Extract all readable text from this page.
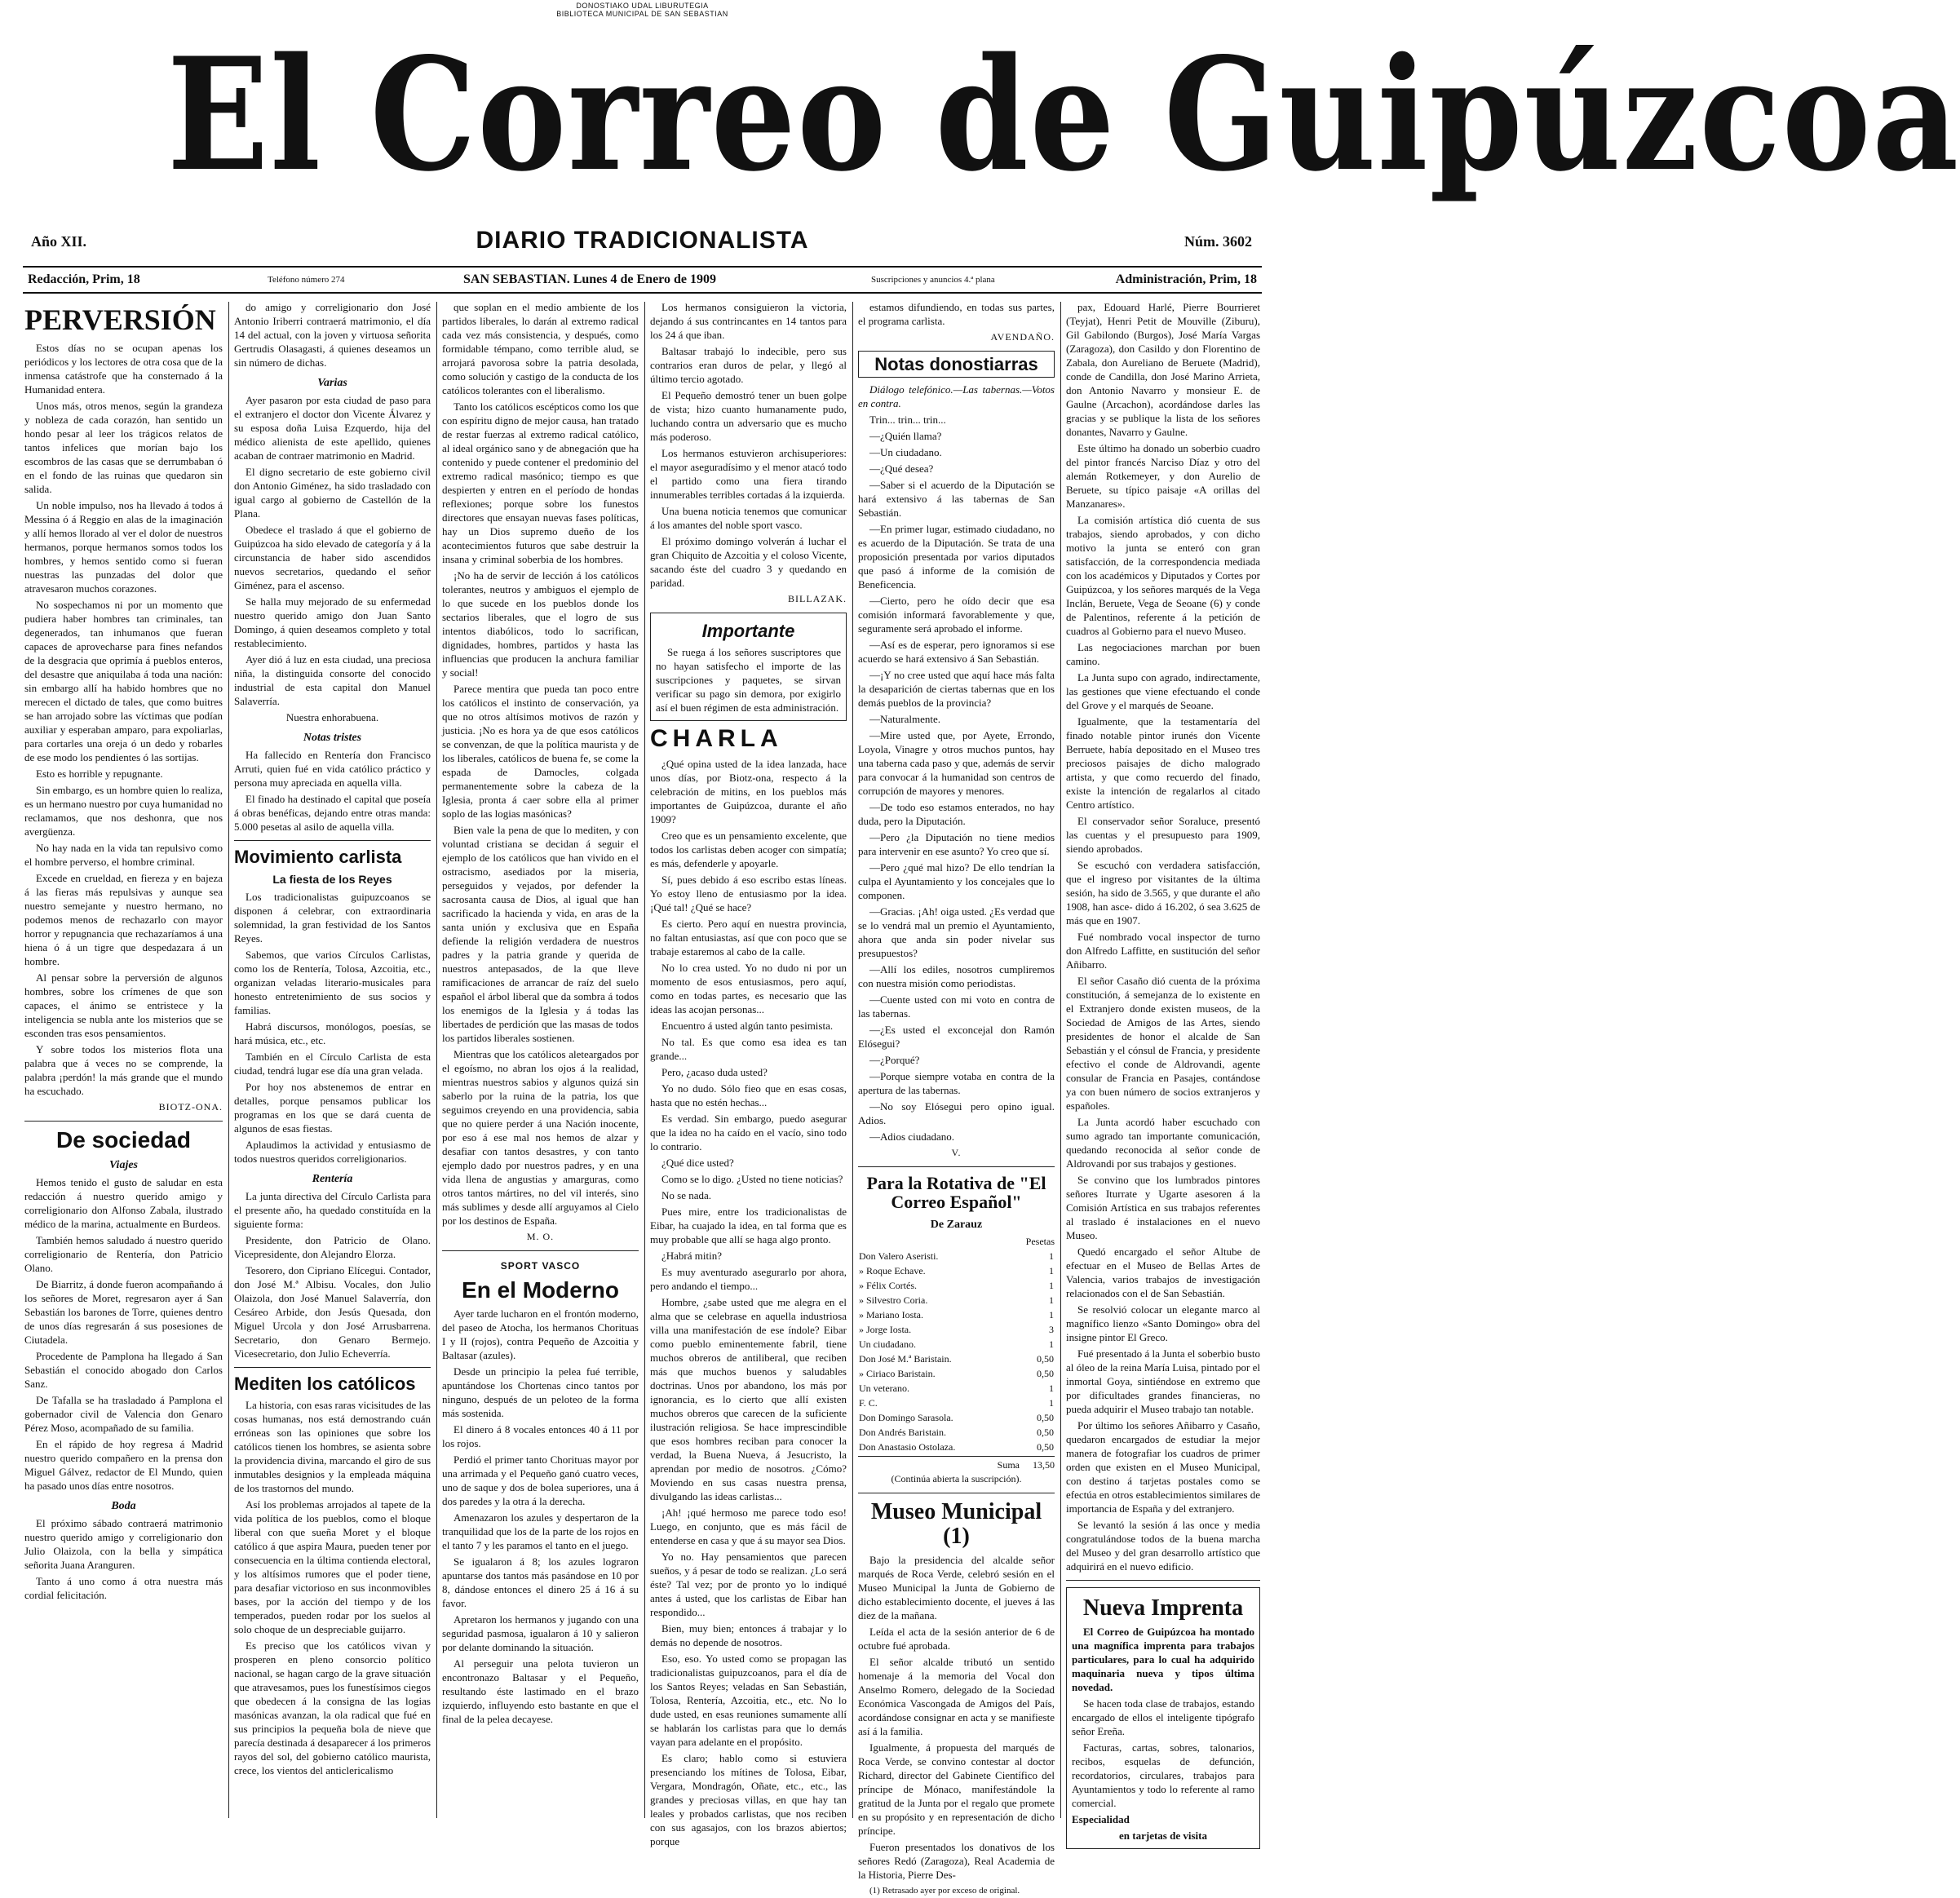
DONOSTIAKO UDAL LIBURUTEGIA
BIBLIOTECA MUNICIPAL DE SAN SEBASTIAN
El Correo de Guipúzcoa
Año XII.	DIARIO TRADICIONALISTA	Núm. 3602
Redacción, Prim, 18	Teléfono número 274	SAN SEBASTIAN. Lunes 4 de Enero de 1909	Suscripciones y anuncios 4.ª plana	Administración, Prim, 18
PERVERSIÓN

Estos días no se ocupan apenas los periódicos y los lectores de otra cosa que de la inmensa catástrofe que ha consternado á la Humanidad entera.

Unos más, otros menos, según la grandeza y nobleza de cada corazón, han sentido un hondo pesar al leer los trágicos relatos de tantos infelices que morían bajo los escombros de las casas que se derrumbaban ó en el fondo de las ruinas que quedaron sin salida.

Un noble impulso, nos ha llevado á todos á Messina ó á Reggio en alas de la imaginación y allí hemos llorado al ver el dolor de nuestros hermanos, porque hermanos somos todos los hombres, y hemos sentido como si fueran nuestras las punzadas del dolor que atravesaron muchos corazones.

No sospechamos ni por un momento que pudiera haber hombres tan criminales, tan degenerados, tan inhumanos que fueran capaces de aprovecharse para fines nefandos de la desgracia que oprimía á pueblos enteros, del desastre que aniquilaba á toda una nación: sin embargo allí ha habido hombres que no merecen el dictado de tales, que como buitres se han arrojado sobre las víctimas que podían auxiliar y esperaban amparo, para expoliarlas, para cortarles una oreja ó un dedo y robarles de ese modo los pendientes ó las sortijas.

Esto es horrible y repugnante.

Sin embargo, es un hombre quien lo realiza, es un hermano nuestro por cuya humanidad no reclamamos, que nos deshonra, que nos avergüenza.

No hay nada en la vida tan repulsivo como el hombre perverso, el hombre criminal.

Excede en crueldad, en fiereza y en bajeza á las fieras más repulsivas y aunque sea nuestro semejante y nuestro hermano, no podemos menos de rechazarlo con mayor horror y repugnancia que rechazaríamos á una hiena ó á un tigre que despedazara á un hombre.

Al pensar sobre la perversión de algunos hombres, sobre los crímenes de que son capaces, el ánimo se entristece y la inteligencia se nubla ante los misterios que se esconden tras esos pensamientos.

Y sobre todos los misterios flota una palabra que á veces no se comprende, la palabra ¡perdón! la más grande que el mundo ha escuchado.

BIOTZ-ONA.
De sociedad
Viajes

Hemos tenido el gusto de saludar en esta redacción á nuestro querido amigo y correligionario don Alfonso Zabala, ilustrado médico de la marina, actualmente en Burdeos.

También hemos saludado á nuestro querido correligionario de Rentería, don Patricio Olano.

De Biarritz, á donde fueron acompañando á los señores de Moret, regresaron ayer á San Sebastián los barones de Torre, quienes dentro de unos días regresarán á sus posesiones de Ciutadela.

Procedente de Pamplona ha llegado á San Sebastián el conocido abogado don Carlos Sanz.

De Tafalla se ha trasladado á Pamplona el gobernador civil de Valencia don Genaro Pérez Moso, acompañado de su familia.

En el rápido de hoy regresa á Madrid nuestro querido compañero en la prensa don Miguel Gálvez, redactor de El Mundo, quien ha pasado unos días entre nosotros.

Boda

El próximo sábado contraerá matrimonio nuestro querido amigo y correligionario don Julio Olaizola, con la bella y simpática señorita Juana Aranguren.

Tanto á uno como á otra nuestra más cordial felicitación.

do amigo y correligionario don José Antonio Iriberri contraerá matrimonio, el día 14 del actual, con la joven y virtuosa señorita Gertrudis Olasagasti, á quienes deseamos un sin número de dichas.

Varias

Ayer pasaron por esta ciudad de paso para el extranjero el doctor don Vicente Álvarez y su esposa doña Luisa Ezquerdo, hija del médico alienista de este apellido, quienes acaban de contraer matrimonio en Madrid.

El digno secretario de este gobierno civil don Antonio Giménez, ha sido trasladado con igual cargo al gobierno de Castellón de la Plana.

Obedece el traslado á que el gobierno de Guipúzcoa ha sido elevado de categoría y á la circunstancia de haber sido ascendidos nuevos secretarios, quedando el señor Giménez, para el ascenso.

Se halla muy mejorado de su enfermedad nuestro querido amigo don Juan Santo Domingo, á quien deseamos completo y total restablecimiento.

Ayer dió á luz en esta ciudad, una preciosa niña, la distinguida consorte del conocido industrial de esta capital don Manuel Salaverría.

Nuestra enhorabuena.

Notas tristes

Ha fallecido en Rentería don Francisco Arruti, quien fué en vida católico práctico y persona muy apreciada en aquella villa.

El finado ha destinado el capital que poseía á obras benéficas, dejando entre otras manda: 5.000 pesetas al asilo de aquella villa.

Movimiento carlista
La fiesta de los Reyes

Los tradicionalistas guipuzcoanos se disponen á celebrar, con extraordinaria solemnidad, la gran festividad de los Santos Reyes.

Sabemos, que varios Círculos Carlistas, como los de Rentería, Tolosa, Azcoitia, etc., organizan veladas literario-musicales para honesto entretenimiento de sus socios y familias.

Habrá discursos, monólogos, poesías, se hará música, etc., etc.

También en el Círculo Carlista de esta ciudad, tendrá lugar ese día una gran velada.

Por hoy nos abstenemos de entrar en detalles, porque pensamos publicar los programas en los que se dará cuenta de algunos de esas fiestas.

Aplaudimos la actividad y entusiasmo de todos nuestros queridos correligionarios.

Rentería

La junta directiva del Círculo Carlista para el presente año, ha quedado constituída en la siguiente forma:

Presidente, don Patricio de Olano. Vicepresidente, don Alejandro Elorza.

Tesorero, don Cipriano Elícegui. Contador, don José M.ª Albisu. Vocales, don Julio Olaizola, don José Manuel Salaverría, don Cesáreo Arbide, don Jesús Quesada, don Miguel Urcola y don José Arrusbarrena. Secretario, don Genaro Bermejo. Vicesecretario, don Julio Echeverría.

Mediten los católicos

La historia, con esas raras vicisitudes de las cosas humanas, nos está demostrando cuán erróneas son las opiniones que sobre los católicos tienen los hombres, se asienta sobre la providencia divina, marcando el giro de sus inmutables designios y la empleada máquina de los trastornos del mundo.

Así los problemas arrojados al tapete de la vida política de los pueblos, como el bloque liberal con que sueña Moret y el bloque católico á que aspira Maura, pueden tener por consecuencia en la última contienda electoral, y los altísimos rumores que el poder tiene, para desafiar victorioso en sus inconmovibles bases, por la acción del tiempo y de los temperados, pueden rodar por los suelos al solo choque de un despreciable guijarro.

Es preciso que los católicos vivan y prosperen en pleno consorcio político nacional, se hagan cargo de la grave situación que atravesamos, pues los funestísimos ciegos que obedecen á la consigna de las logias masónicas avanzan, la ola radical que fué en sus principios la pequeña bola de nieve que parecía destinada á desaparecer á los primeros rayos del sol, del gobierno católico maurista, crece, los vientos del anticlericalismo

que soplan en el medio ambiente de los partidos liberales, lo darán al extremo radical cada vez más consistencia, y después, como formidable témpano, como terrible alud, se arrojará pavorosa sobre la patria desolada, como solución y castigo de la conducta de los católicos tolerantes con el liberalismo.

Tanto los católicos escépticos como los que con espíritu digno de mejor causa, han tratado de restar fuerzas al extremo radical católico, al ideal orgánico sano y de abnegación que ha contenido y puede contener el predominio del extremo radical masónico; tiempo es que despierten y entren en el período de hondas reflexiones; porque sobre los funestos directores que ensayan nuevas fases políticas, hay un Dios supremo dueño de los acontecimientos futuros que sabe destruir la insana y criminal soberbia de los hombres.

¡No ha de servir de lección á los católicos tolerantes, neutros y ambiguos el ejemplo de lo que sucede en los pueblos donde los sectarios liberales, que el logro de sus intentos diabólicos, todo lo sacrifican, dignidades, hombres, partidos y hasta las influencias que producen la anchura familiar y social!

Parece mentira que pueda tan poco entre los católicos el instinto de conservación, ya que no otros altísimos motivos de razón y justicia. ¡No es hora ya de que esos católicos se convenzan, de que la política maurista y de los liberales, católicos de buena fe, se come la espada de Damocles, colgada permanentemente sobre la cabeza de la Iglesia, pronta á caer sobre ella al primer soplo de las logias masónicas?

Bien vale la pena de que lo mediten, y con voluntad cristiana se decidan á seguir el ejemplo de los católicos que han vivido en el ostracismo, asediados por la miseria, perseguidos y vejados, por defender la sacrosanta causa de Dios, al igual que han sacrificado la hacienda y vida, en aras de la santa unión y exclusiva que en España defiende la religión verdadera de nuestros padres y la patria grande y querida de nuestros antepasados, de la que lleve ramificaciones de arrancar de raíz del suelo español el árbol liberal que da sombra á todos los enemigos de la Iglesia y á todas las libertades de perdición que las masas de todos los partidos liberales sostienen.

Mientras que los católicos aleteargados por el egoísmo, no abran los ojos á la realidad, mientras nuestros sabios y algunos quizá sin saberlo por la ruina de la patria, los que seguimos creyendo en una providencia, sabia que no quiere perder á una Nación inocente, por eso á ese mal nos hemos de alzar y desafiar con tantos desastres, y con tanto ejemplo dado por nuestros padres, y en una vida llena de angustias y amarguras, como otros tantos mártires, no del vil interés, sino más sublimes y desde allí arguyamos al Cielo por los destinos de España.

M. O.
SPORT VASCO
En el Moderno

Ayer tarde lucharon en el frontón moderno, del paseo de Atocha, los hermanos Chorituas I y II (rojos), contra Pequeño de Azcoitia y Baltasar (azules).

Desde un principio la pelea fué terrible, apuntándose los Chortenas cinco tantos por ninguno, después de un peloteo de la forma más sostenida.

El dinero á 8 vocales entonces 40 á 11 por los rojos.

Perdió el primer tanto Chorituas mayor por una arrimada y el Pequeño ganó cuatro veces, uno de saque y dos de bolea superiores, una á dos paredes y la otra á la derecha.

Amenazaron los azules y despertaron de la tranquilidad que los de la parte de los rojos en el tanto 7 y les paramos el tanto en el juego.

Se igualaron á 8; los azules lograron apuntarse dos tantos más pasándose en 10 por 8, dándose entonces el dinero 25 á 16 á su favor.

Apretaron los hermanos y jugando con una seguridad pasmosa, igualaron á 10 y salieron por delante dominando la situación.

Al perseguir una pelota tuvieron un encontronazo Baltasar y el Pequeño, resultando éste lastimado en el brazo izquierdo, influyendo esto bastante en que el final de la pelea decayese.

Los hermanos consiguieron la victoria, dejando á sus contrincantes en 14 tantos para los 24 á que iban.

Baltasar trabajó lo indecible, pero sus contrarios eran duros de pelar, y llegó al último tercio agotado.

El Pequeño demostró tener un buen golpe de vista; hizo cuanto humanamente pudo, luchando contra un adversario que es mucho más poderoso.

Los hermanos estuvieron archisuperiores: el mayor aseguradísimo y el menor atacó todo el partido como una fiera tirando innumerables terribles cortadas á la izquierda.

Una buena noticia tenemos que comunicar á los amantes del noble sport vasco.

El próximo domingo volverán á luchar el gran Chiquito de Azcoitia y el coloso Vicente, sacando éste del cuadro 3 y quedando en paridad.

BILLAZAK.
Importante

Se ruega á los señores suscriptores que no hayan satisfecho el importe de las suscripciones y paquetes, se sirvan verificar su pago sin demora, por exigirlo así el buen régimen de esta administración.

CHARLA

¿Qué opina usted de la idea lanzada, hace unos días, por Biotz-ona, respecto á la celebración de mitins, en los pueblos más importantes de Guipúzcoa, durante el año 1909?

Creo que es un pensamiento excelente, que todos los carlistas deben acoger con simpatía; es más, defenderle y apoyarle.

Sí, pues debido á eso escribo estas líneas. Yo estoy lleno de entusiasmo por la idea. ¡Qué tal! ¿Qué se hace?

Es cierto. Pero aquí en nuestra provincia, no faltan entusiastas, así que con poco que se trabaje estaremos al cabo de la calle.

No lo crea usted. Yo no dudo ni por un momento de esos entusiasmos, pero aquí, como en todas partes, es necesario que las ideas las acojan personas...

Encuentro á usted algún tanto pesimista.

No tal. Es que como esa idea es tan grande...

Pero, ¿acaso duda usted?

Yo no dudo. Sólo fieo que en esas cosas, hasta que no estén hechas...

Es verdad. Sin embargo, puedo asegurar que la idea no ha caído en el vacío, sino todo lo contrario.

¿Qué dice usted?

Como se lo digo. ¿Usted no tiene noticias?

No se nada.

Pues mire, entre los tradicionalistas de Eibar, ha cuajado la idea, en tal forma que es muy probable que allí se haga algo pronto.

¿Habrá mitin?

Es muy aventurado asegurarlo por ahora, pero andando el tiempo...

Hombre, ¿sabe usted que me alegra en el alma que se celebrase en aquella industriosa villa una manifestación de ese índole? Eibar como pueblo eminentemente fabril, tiene muchos obreros de antiliberal, que reciben más que muchos buenos y saludables doctrinas. Unos por abandono, los más por ignorancia, es lo cierto que allí existen muchos obreros que carecen de la suficiente ilustración religiosa. Se hace imprescindible que esos hombres reciban para conocer la verdad, la Buena Nueva, á Jesucristo, la aprendan por medio de nosotros. ¿Cómo? Moviendo en sus casas nuestra prensa, divulgando las ideas carlistas...

¡Ah! ¡qué hermoso me parece todo eso! Luego, en conjunto, que es más fácil de entenderse en casa y que á su mayor sea Dios.

Yo no. Hay pensamientos que parecen sueños, y á pesar de todo se realizan. ¿Lo será éste? Tal vez; por de pronto yo lo indiqué antes á usted, que los carlistas de Eibar han respondido...

Bien, muy bien; entonces á trabajar y lo demás no depende de nosotros.

Eso, eso. Yo usted como se propagan las tradicionalistas guipuzcoanos, para el día de los Santos Reyes; veladas en San Sebastián, Tolosa, Rentería, Azcoitia, etc., etc. No lo dude usted, en esas reuniones sumamente allí se hablarán los carlistas para que lo demás vayan para adelante en el propósito.

Es claro; hablo como si estuviera presenciando los mítines de Tolosa, Eibar, Vergara, Mondragón, Oñate, etc., etc., las grandes y preciosas villas, en que hay tan leales y probados carlistas, que nos reciben con sus agasajos, con los brazos abiertos; porque

estamos difundiendo, en todas sus partes, el programa carlista.

AVENDAÑO.
Notas donostiarras

Diálogo telefónico.—Las tabernas.—Votos en contra.

Trin... trin... trin...

—¿Quién llama?

—Un ciudadano.

—¿Qué desea?

—Saber si el acuerdo de la Diputación se hará extensivo á las tabernas de San Sebastián.

—En primer lugar, estimado ciudadano, no es acuerdo de la Diputación. Se trata de una proposición presentada por varios diputados que pasó á informe de la comisión de Beneficencia.

—Cierto, pero he oído decir que esa comisión informará favorablemente y que, seguramente será aprobado el informe.

—Así es de esperar, pero ignoramos si ese acuerdo se hará extensivo á San Sebastián.

—¡Y no cree usted que aquí hace más falta la desaparición de ciertas tabernas que en los demás pueblos de la provincia?

—Naturalmente.

—Mire usted que, por Ayete, Errondo, Loyola, Vinagre y otros muchos puntos, hay una taberna cada paso y que, además de servir para convocar á la humanidad son centros de corrupción de mayores y menores.

—De todo eso estamos enterados, no hay duda, pero la Diputación.

—Pero ¿la Diputación no tiene medios para intervenir en ese asunto? Yo creo que sí.

—Pero ¿qué mal hizo? De ello tendrían la culpa el Ayuntamiento y los concejales que lo componen.

—Gracias. ¡Ah! oiga usted. ¿Es verdad que se lo vendrá mal un premio el Ayuntamiento, ahora que anda sin poder nivelar sus presupuestos?

—Allí los ediles, nosotros cumpliremos con nuestra misión como periodistas.

—Cuente usted con mi voto en contra de las tabernas.

—¿Es usted el exconcejal don Ramón Elósegui?

—¿Porqué?

—Porque siempre votaba en contra de la apertura de las tabernas.

—No soy Elósegui pero opino igual. Adios.

—Adios ciudadano.

V.
Para la Rotativa de "El Correo Español"
De Zarauz
Pesetas
Don Valero Aseristi.	1
» Roque Echave.	1
» Félix Cortés.	1
» Silvestro Coria.	1
» Mariano Iosta.	1
» Jorge Iosta.	3
Un ciudadano.	1
Don José M.ª Baristain.	0,50
» Ciriaco Baristain.	0,50
Un veterano.	1
F. C.	1
Don Domingo Sarasola.	0,50
Don Andrés Baristain.	0,50
Don Anastasio Ostolaza.	0,50
Suma 13,50

(Continúa abierta la suscripción).

Museo Municipal (1)

Bajo la presidencia del alcalde señor marqués de Roca Verde, celebró sesión en el Museo Municipal la Junta de Gobierno de dicho establecimiento docente, el jueves á las diez de la mañana.

Leída el acta de la sesión anterior de 6 de octubre fué aprobada.

El señor alcalde tributó un sentido homenaje á la memoria del Vocal don Anselmo Romero, delegado de la Sociedad Económica Vascongada de Amigos del País, acordándose consignar en acta y se manifieste así á la familia.

Igualmente, á propuesta del marqués de Roca Verde, se convino contestar al doctor Richard, director del Gabinete Científico del príncipe de Mónaco, manifestándole la gratitud de la Junta por el regalo que promete en su propósito y en representación de dicho príncipe.

Fueron presentados los donativos de los señores Redó (Zaragoza), Real Academia de la Historia, Pierre Des-

(1) Retrasado ayer por exceso de original.

pax, Edouard Harlé, Pierre Bourrieret (Teyjat), Henri Petit de Mouville (Ziburu), Gil Gabilondo (Burgos), José María Vargas (Zaragoza), don Casildo y don Florentino de Zabala, don Aureliano de Beruete (Madrid), conde de Candilla, don José Marino Arrieta, don Antonio Navarro y monsieur E. de Gaulne (Arcachon), acordándose darles las gracias y se publique la lista de los señores donantes, Navarro y Gaulne.

Este último ha donado un soberbio cuadro del pintor francés Narciso Díaz y otro del alemán Rotkemeyer, y don Aurelio de Beruete, su típico paisaje «A orillas del Manzanares».

La comisión artística dió cuenta de sus trabajos, siendo aprobados, y con dicho motivo la junta se enteró con gran satisfacción, de la correspondencia mediada con los académicos y Diputados y Cortes por Guipúzcoa, y los señores marqués de la Vega Inclán, Beruete, Vega de Seoane (6) y conde de Palentinos, referente á la petición de cuadros al Gobierno para el nuevo Museo.

Las negociaciones marchan por buen camino.

La Junta supo con agrado, indirectamente, las gestiones que viene efectuando el conde del Grove y el marqués de Seoane.

Igualmente, que la testamentaría del finado notable pintor irunés don Vicente Berruete, había depositado en el Museo tres preciosos paisajes de dicho malogrado artista, y que como recuerdo del finado, existe la intención de regalarlos al citado Centro artístico.

El conservador señor Soraluce, presentó las cuentas y el presupuesto para 1909, siendo aprobados.

Se escuchó con verdadera satisfacción, que el ingreso por visitantes de la última sesión, ha sido de 3.565, y que durante el año 1908, han asce- dido á 16.202, ó sea 3.625 de más que en 1907.

Fué nombrado vocal inspector de turno don Alfredo Laffitte, en sustitución del señor Añibarro.

El señor Casaño dió cuenta de la próxima constitución, á semejanza de lo existente en el Extranjero donde existen museos, de la Sociedad de Amigos de las Artes, siendo presidentes de honor el alcalde de San Sebastián y el cónsul de Francia, y presidente efectivo el conde de Aldrovandi, agente consular de Francia en Pasajes, contándose ya con buen número de socios extranjeros y españoles.

La Junta acordó haber escuchado con sumo agrado tan importante comunicación, quedando reconocida al señor conde de Aldrovandi por sus trabajos y gestiones.

Se convino que los lumbrados pintores señores Iturrate y Ugarte asesoren á la Comisión Artística en sus trabajos referentes al traslado é instalaciones en el nuevo Museo.

Quedó encargado el señor Altube de efectuar en el Museo de Bellas Artes de Valencia, varios trabajos de investigación relacionados con el de San Sebastián.

Se resolvió colocar un elegante marco al magnífico lienzo «Santo Domingo» obra del insigne pintor El Greco.

Fué presentado á la Junta el soberbio busto al óleo de la reina María Luisa, pintado por el inmortal Goya, sintiéndose en extremo que por dificultades grandes financieras, no pueda adquirir el Museo trabajo tan notable.

Por último los señores Añibarro y Casaño, quedaron encargados de estudiar la mejor manera de fotografiar los cuadros de primer orden que existen en el Museo Municipal, con destino á tarjetas postales como se efectúa en otros establecimientos similares de importancia de España y del extranjero.

Se levantó la sesión á las once y media congratulándose todos de la buena marcha del Museo y del gran desarrollo artístico que adquirirá en el nuevo edificio.

Nueva Imprenta

El Correo de Guipúzcoa ha montado una magnífica imprenta para trabajos particulares, para lo cual ha adquirido maquinaria nueva y tipos última novedad.

Se hacen toda clase de trabajos, estando encargado de ellos el inteligente tipógrafo señor Ereña.

Facturas, cartas, sobres, talonarios, recibos, esquelas de defunción, recordatorios, circulares, trabajos para Ayuntamientos y todo lo referente al ramo comercial.

Especialidad

en tarjetas de visita
